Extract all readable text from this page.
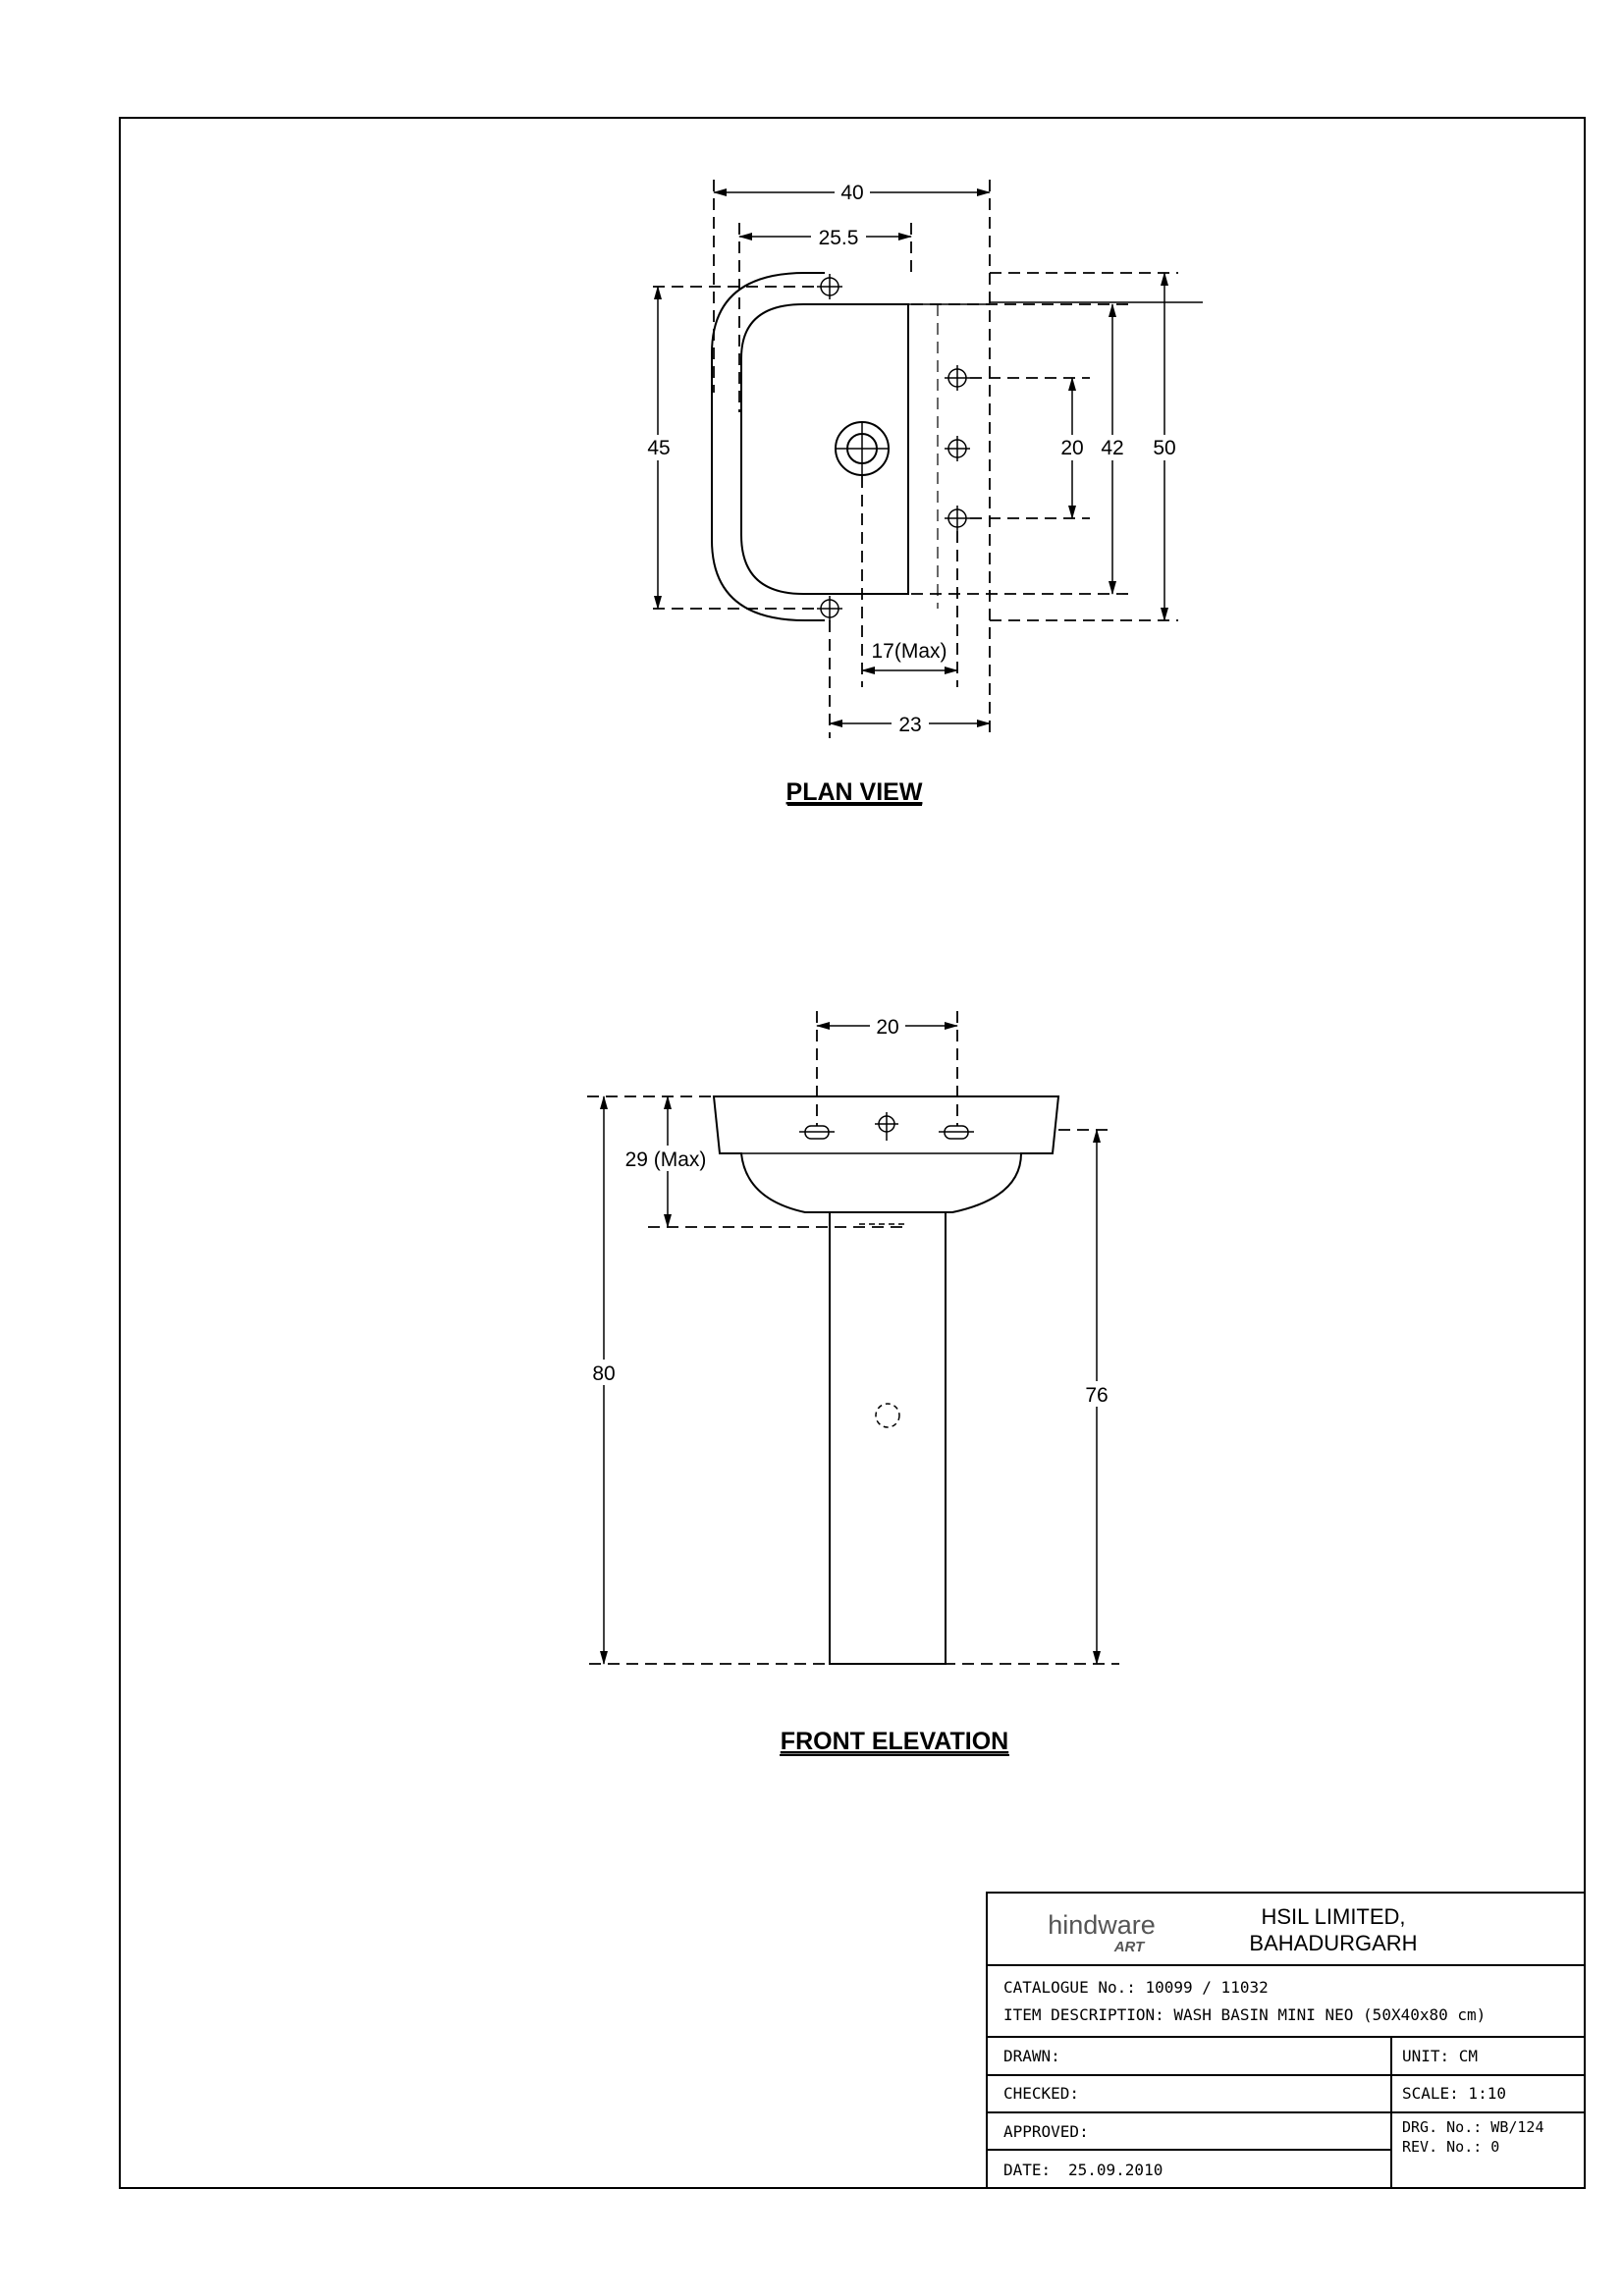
40
25.5
45	20 42 50
17(Max)
23
PLAN VIEW
20
29 (Max)
80
76
FRONT ELEVATION
hindware
ART
HSIL LIMITED,
BAHADURGARH
CATALOGUE No.: 10099 / 11032
ITEM DESCRIPTION: WASH BASIN MINI NEO (50X40x80 cm)
DRAWN:
CHECKED:
APPROVED:
DATE: 25.09.2010
UNIT: CM
SCALE: 1:10
DRG. No.: WB/124
REV. No.: 0
